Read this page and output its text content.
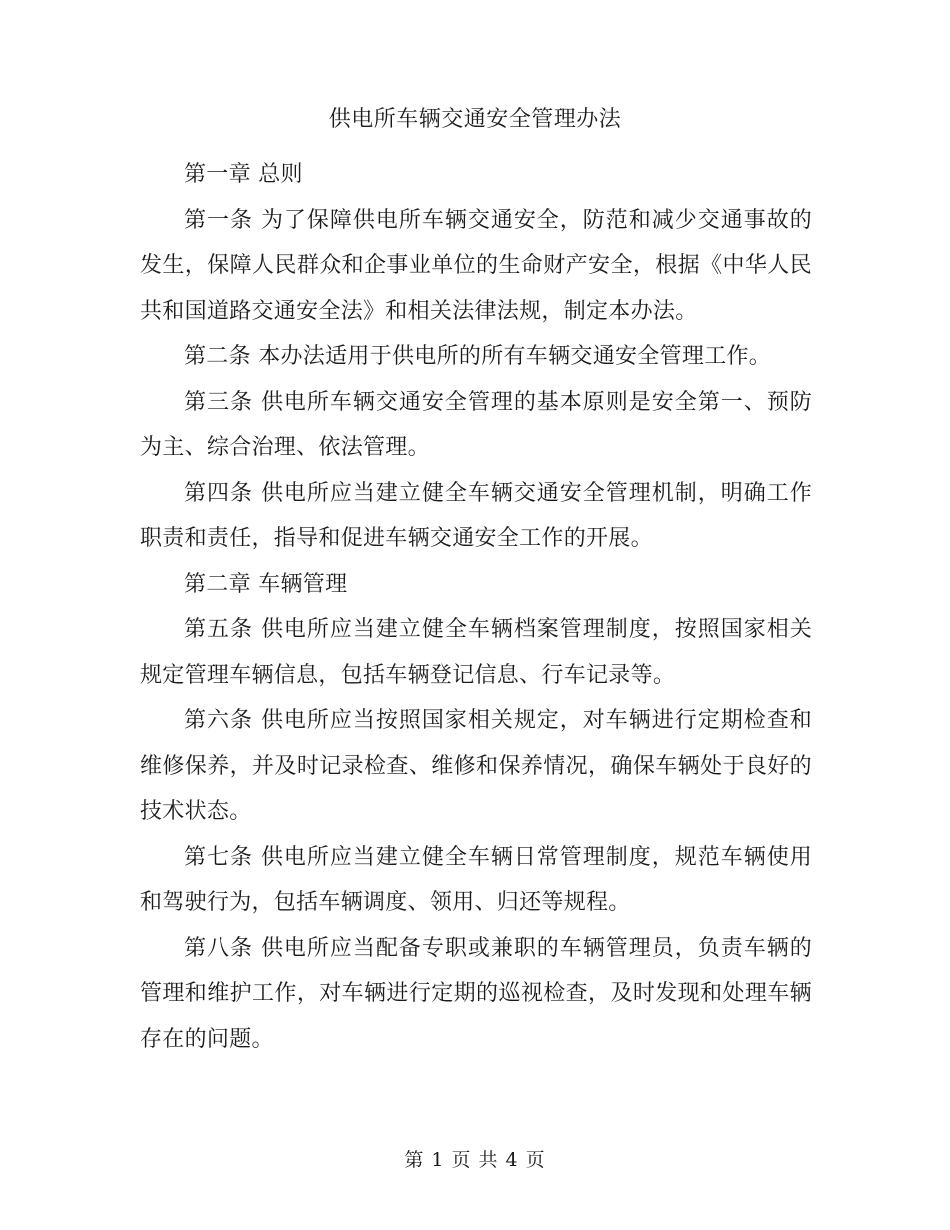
供电所车辆交通安全管理办法

第一章 总则

第一条 为了保障供电所车辆交通安全，防范和减少交通事故的发生，保障人民群众和企事业单位的生命财产安全，根据《中华人民共和国道路交通安全法》和相关法律法规，制定本办法。

第二条 本办法适用于供电所的所有车辆交通安全管理工作。

第三条 供电所车辆交通安全管理的基本原则是安全第一、预防为主、综合治理、依法管理。

第四条 供电所应当建立健全车辆交通安全管理机制，明确工作职责和责任，指导和促进车辆交通安全工作的开展。

第二章 车辆管理

第五条 供电所应当建立健全车辆档案管理制度，按照国家相关规定管理车辆信息，包括车辆登记信息、行车记录等。

第六条 供电所应当按照国家相关规定，对车辆进行定期检查和维修保养，并及时记录检查、维修和保养情况，确保车辆处于良好的技术状态。

第七条 供电所应当建立健全车辆日常管理制度，规范车辆使用和驾驶行为，包括车辆调度、领用、归还等规程。

第八条 供电所应当配备专职或兼职的车辆管理员，负责车辆的管理和维护工作，对车辆进行定期的巡视检查，及时发现和处理车辆存在的问题。

第 1 页 共 4 页
